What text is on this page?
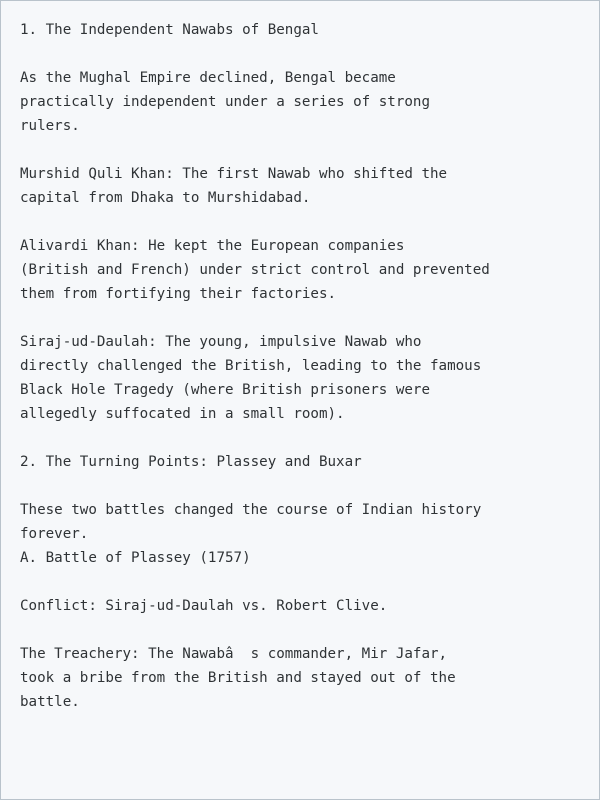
1. The Independent Nawabs of Bengal
As the Mughal Empire declined, Bengal became
practically independent under a series of strong
rulers.
Murshid Quli Khan: The first Nawab who shifted the
capital from Dhaka to Murshidabad.
Alivardi Khan: He kept the European companies
(British and French) under strict control and prevented
them from fortifying their factories.
Siraj-ud-Daulah: The young, impulsive Nawab who
directly challenged the British, leading to the famous
Black Hole Tragedy (where British prisoners were
allegedly suffocated in a small room).
2. The Turning Points: Plassey and Buxar
These two battles changed the course of Indian history
forever.
A. Battle of Plassey (1757)
Conflict: Siraj-ud-Daulah vs. Robert Clive.
The Treachery: The Nawabâ  s commander, Mir Jafar,
took a bribe from the British and stayed out of the
battle.
